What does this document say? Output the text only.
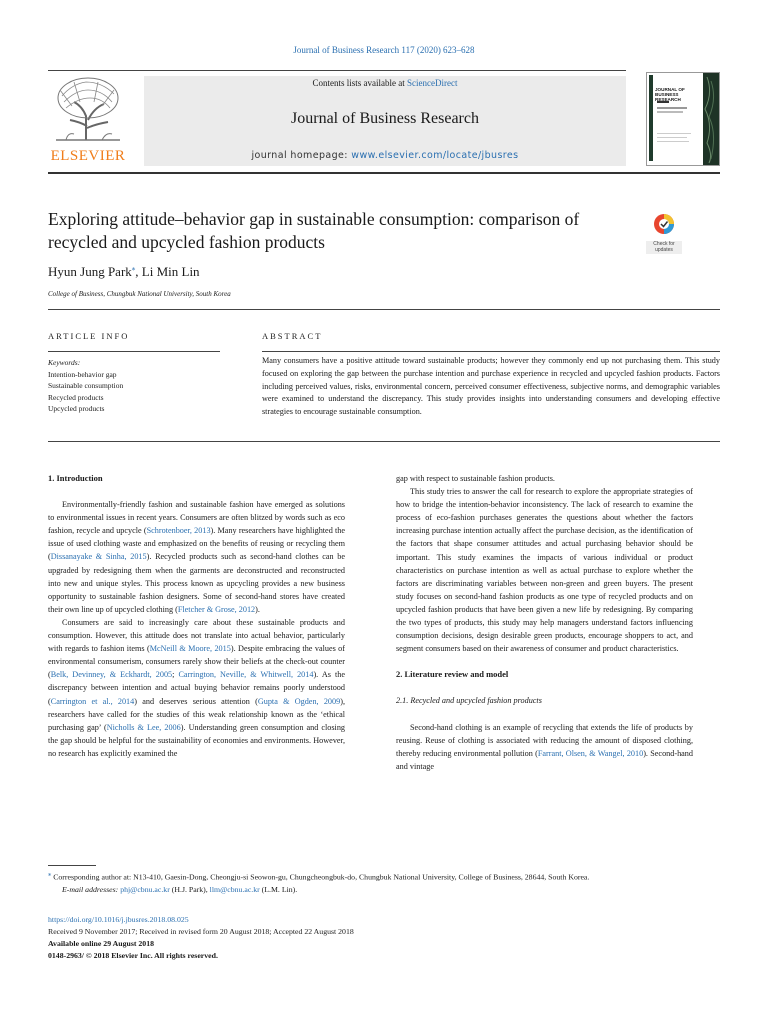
Journal of Business Research 117 (2020) 623–628
ELSEVIER
Contents lists available at ScienceDirect
Journal of Business Research
journal homepage: www.elsevier.com/locate/jbusres
JOURNAL OF BUSINESS RESEARCH
Exploring attitude–behavior gap in sustainable consumption: comparison of recycled and upcycled fashion products	Check for updates
Hyun Jung Park⁎, Li Min Lin
College of Business, Chungbuk National University, South Korea
ARTICLE INFO	ABSTRACT
Keywords:
Intention-behavior gap
Sustainable consumption
Recycled products
Upcycled products
Many consumers have a positive attitude toward sustainable products; however they commonly end up not purchasing them. This study focused on exploring the gap between the purchase intention and purchase experience in recycled and upcycled fashion products. Factors including perceived values, risks, environmental concern, perceived consumer effectiveness, subjective norms, and demographic variables were examined to understand the discrepancy. This study provides insights into understanding consumers and developing effective strategies to encourage sustainable consumption.
1. Introduction

Environmentally-friendly fashion and sustainable fashion have emerged as solutions to environmental issues in recent years. Consumers are often blitzed by words such as eco fashion, recycle and upcycle (Schrotenboer, 2013). Many researchers have highlighted the issue of used clothing waste and emphasized on the benefits of reusing or recycling them (Dissanayake & Sinha, 2015). Recycled products such as second-hand clothes can be upgraded by redesigning them when the garments are deconstructed and reconstructed into new and unique styles. This process known as upcycling provides a new business opportunity to sustainable fashion designers. Some of second-hand stores have created their own line up of upcycled clothing (Fletcher & Grose, 2012).

Consumers are said to increasingly care about these sustainable products and consumption. However, this attitude does not translate into actual behavior, particularly with regards to fashion items (McNeill & Moore, 2015). Despite embracing the values of environmental consumerism, consumers rarely show their beliefs at the check-out counter (Belk, Devinney, & Eckhardt, 2005; Carrington, Neville, & Whitwell, 2014). As the discrepancy between intention and actual buying behavior remains poorly understood (Carrington et al., 2014) and deserves serious attention (Gupta & Ogden, 2009), researchers have called for the studies of this weak relationship known as the ‘ethical purchasing gap’ (Nicholls & Lee, 2006). Understanding green consumption and closing the gap should be helpful for the sustainability of economies and environments. However, no research has explicitly examined the

gap with respect to sustainable fashion products.

This study tries to answer the call for research to explore the appropriate strategies of how to bridge the intention-behavior inconsistency. The lack of research to examine the process of eco-fashion purchases generates the questions about whether the factors increasing purchase intention actually affect the purchase decision, as the identification of the factors that shape consumer attitudes and actual purchasing behavior should be important. This study examines the impacts of various individual or product characteristics on purchase intention as well as actual purchase to explore whether the factors are discriminating variables between non-green and green buyers. The present study focuses on second-hand fashion products as one type of recycled products and on upcycled fashion products that have been given a new life by redesigning. By comparing the two types of products, this study may help managers understand factors influencing consumption decisions, design desirable green products, encourage shoppers to act, and segment consumers based on their awareness of consumer and product characteristics.

2. Literature review and model
2.1. Recycled and upcycled fashion products

Second-hand clothing is an example of recycling that extends the life of products by reusing. Reuse of clothing is associated with reducing the amount of disposed clothing, thereby reducing environmental pollution (Farrant, Olsen, & Wangel, 2010). Second-hand and vintage

⁎ Corresponding author at: N13-410, Gaesin-Dong, Cheongju-si Seowon-gu, Chungcheongbuk-do, Chungbuk National University, College of Business, 28644, South Korea.
E-mail addresses: phj@cbnu.ac.kr (H.J. Park), llm@cbnu.ac.kr (L.M. Lin).
https://doi.org/10.1016/j.jbusres.2018.08.025
Received 9 November 2017; Received in revised form 20 August 2018; Accepted 22 August 2018
Available online 29 August 2018
0148-2963/ © 2018 Elsevier Inc. All rights reserved.
